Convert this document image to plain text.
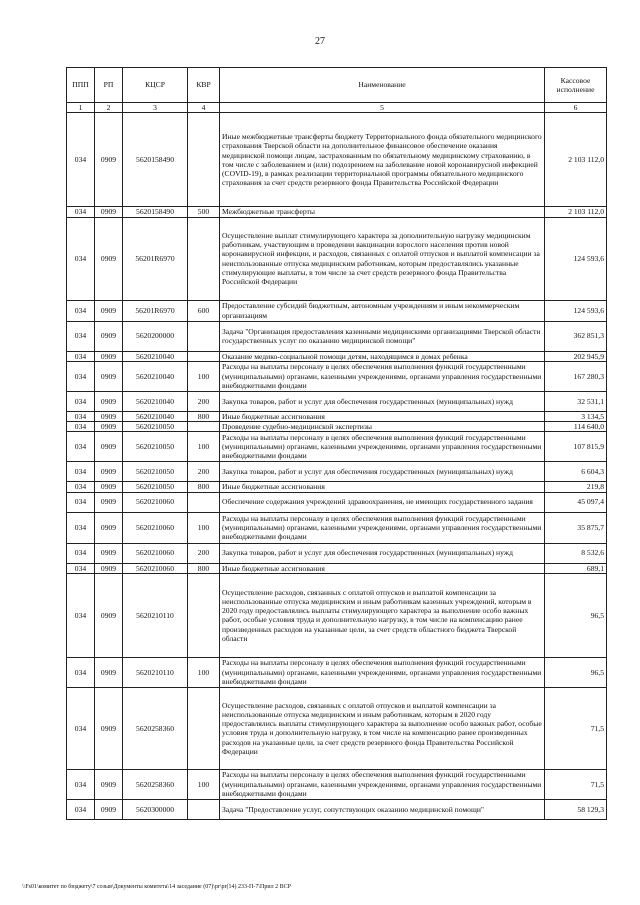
27
ППП	РП	КЦСР	КВР	Наименование	Кассовое исполнение
1	2	3	4	5	6
034	0909	5620158490		Иные межбюджетные трансферты бюджету Территориального фонда обязательного медицинского страхования Тверской области на дополнительное финансовое обеспечение оказания медицинской помощи лицам, застрахованным по обязательному медицинскому страхованию, в том числе с заболеванием и (или) подозрением на заболевание новой коронавирусной инфекцией (COVID-19), в рамках реализации территориальной программы обязательного медицинского страхования за счет средств резервного фонда Правительства Российской Федерации	2 103 112,0
034	0909	5620158490	500	Межбюджетные трансферты	2 103 112,0
034	0909	56201R6970		Осуществление выплат стимулирующего характера за дополнительную нагрузку медицинским работникам, участвующим в проведении вакцинации взрослого населения против новой коронавирусной инфекции, и расходов, связанных с оплатой отпусков и выплатой компенсации за неиспользованные отпуска медицинским работникам, которым предоставлялись указанные стимулирующие выплаты, в том числе за счет средств резервного фонда Правительства Российской Федерации	124 593,6
034	0909	56201R6970	600	Предоставление субсидий бюджетным, автономным учреждениям и иным некоммерческим организациям	124 593,6
034	0909	5620200000		Задача "Организация предоставления казенными медицинскими организациями Тверской области государственных услуг по оказанию медицинской помощи"	362 851,3
034	0909	5620210040		Оказание медико-социальной помощи детям, находящимся в домах ребенка	202 945,9
034	0909	5620210040	100	Расходы на выплаты персоналу в целях обеспечения выполнения функций государственными (муниципальными) органами, казенными учреждениями, органами управления государственными внебюджетными фондами	167 280,3
034	0909	5620210040	200	Закупка товаров, работ и услуг для обеспечения государственных (муниципальных) нужд	32 531,1
034	0909	5620210040	800	Иные бюджетные ассигнования	3 134,5
034	0909	5620210050		Проведение судебно-медицинской экспертизы	114 640,0
034	0909	5620210050	100	Расходы на выплаты персоналу в целях обеспечения выполнения функций государственными (муниципальными) органами, казенными учреждениями, органами управления государственными внебюджетными фондами	107 815,9
034	0909	5620210050	200	Закупка товаров, работ и услуг для обеспечения государственных (муниципальных) нужд	6 604,3
034	0909	5620210050	800	Иные бюджетные ассигнования	219,8
034	0909	5620210060		Обеспечение содержания учреждений здравоохранения, не имеющих государственного задания	45 097,4
034	0909	5620210060	100	Расходы на выплаты персоналу в целях обеспечения выполнения функций государственными (муниципальными) органами, казенными учреждениями, органами управления государственными внебюджетными фондами	35 875,7
034	0909	5620210060	200	Закупка товаров, работ и услуг для обеспечения государственных (муниципальных) нужд	8 532,6
034	0909	5620210060	800	Иные бюджетные ассигнования	689,1
034	0909	5620210110		Осуществление расходов, связанных с оплатой отпусков и выплатой компенсации за неиспользованные отпуска медицинским и иным работникам казенных учреждений, которым в 2020 году предоставлялись выплаты стимулирующего характера за выполнение особо важных работ, особые условия труда и дополнительную нагрузку, в том числе на компенсацию ранее произведенных расходов на указанные цели, за счет средств областного бюджета Тверской области	96,5
034	0909	5620210110	100	Расходы на выплаты персоналу в целях обеспечения выполнения функций государственными (муниципальными) органами, казенными учреждениями, органами управления государственными внебюджетными фондами	96,5
034	0909	5620258360		Осуществление расходов, связанных с оплатой отпусков и выплатой компенсации за неиспользованные отпуска медицинским и иным работникам, которым в 2020 году предоставлялись выплаты стимулирующего характера за выполнение особо важных работ, особые условия труда и дополнительную нагрузку, в том числе на компенсацию ранее произведенных расходов на указанные цели, за счет средств резервного фонда Правительства Российской Федерации	71,5
034	0909	5620258360	100	Расходы на выплаты персоналу в целях обеспечения выполнения функций государственными (муниципальными) органами, казенными учреждениями, органами управления государственными внебюджетными фондами	71,5
034	0909	5620300000		Задача "Предоставление услуг, сопутствующих оказанию медицинской помощи"	58 129,3
\\Fs01\комитет по бюджету\7 созыв\Документы комитета\14 заседание (07)\pr\pr(14) 233-П-7\Прил 2 ВСР
